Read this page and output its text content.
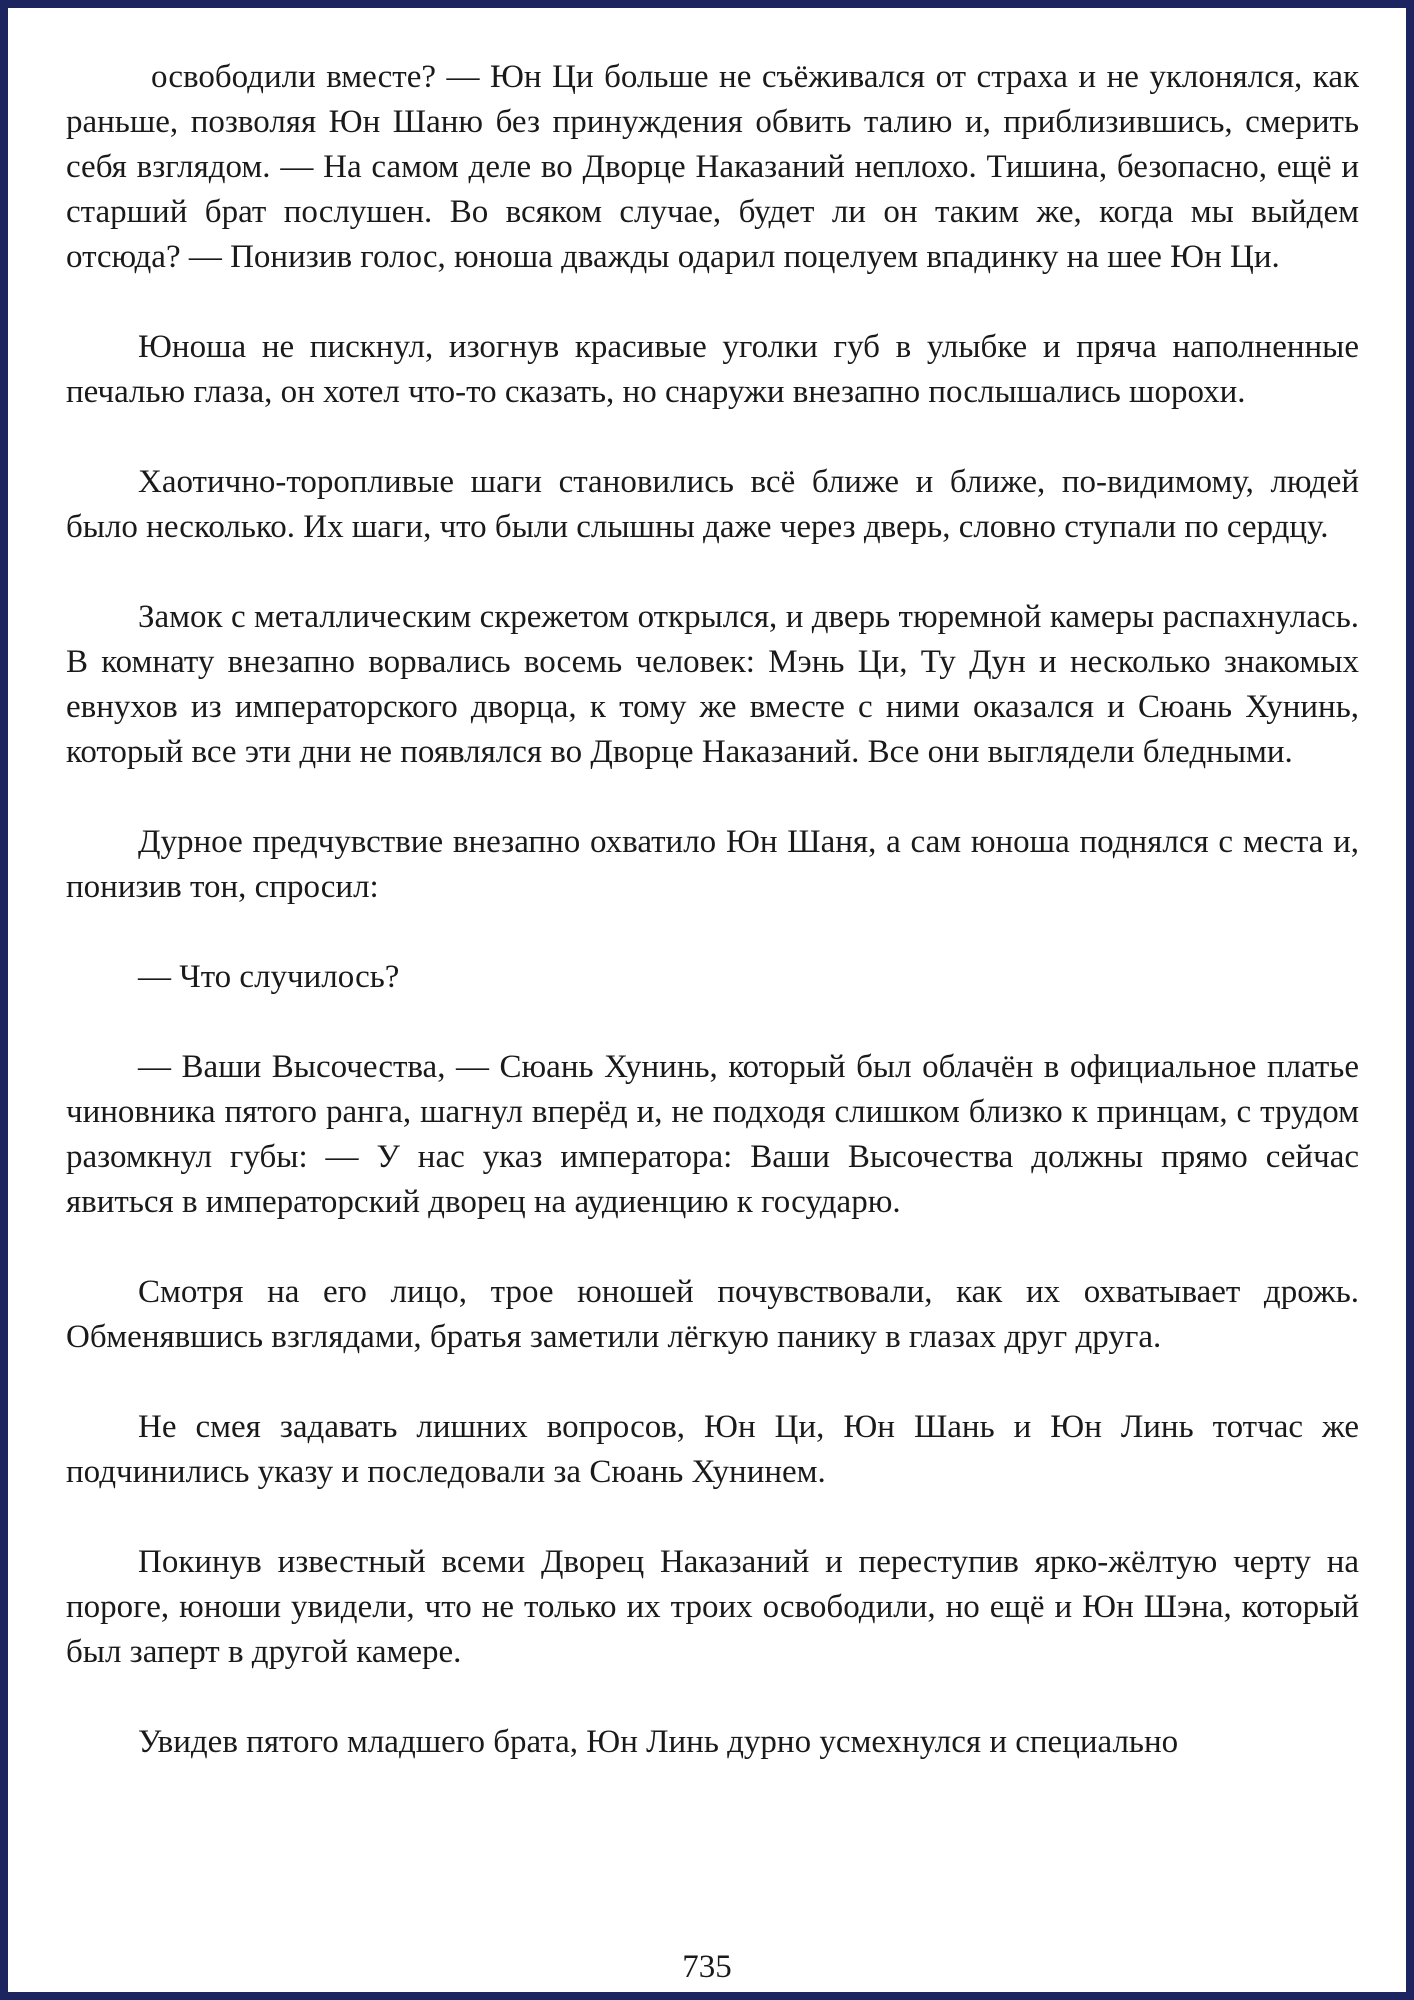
освободили вместе? — Юн Ци больше не съёживался от страха и не уклонялся, как раньше, позволяя Юн Шаню без принуждения обвить талию и, приблизившись, смерить себя взглядом. — На самом деле во Дворце Наказаний неплохо. Тишина, безопасно, ещё и старший брат послушен. Во всяком случае, будет ли он таким же, когда мы выйдем отсюда? — Понизив голос, юноша дважды одарил поцелуем впадинку на шее Юн Ци.

Юноша не пискнул, изогнув красивые уголки губ в улыбке и пряча наполненные печалью глаза, он хотел что-то сказать, но снаружи внезапно послышались шорохи.

Хаотично-торопливые шаги становились всё ближе и ближе, по-видимому, людей было несколько. Их шаги, что были слышны даже через дверь, словно ступали по сердцу.

Замок с металлическим скрежетом открылся, и дверь тюремной камеры распахнулась. В комнату внезапно ворвались восемь человек: Мэнь Ци, Ту Дун и несколько знакомых евнухов из императорского дворца, к тому же вместе с ними оказался и Сюань Хунинь, который все эти дни не появлялся во Дворце Наказаний. Все они выглядели бледными.

Дурное предчувствие внезапно охватило Юн Шаня, а сам юноша поднялся с места и, понизив тон, спросил:

— Что случилось?

— Ваши Высочества, — Сюань Хунинь, который был облачён в официальное платье чиновника пятого ранга, шагнул вперёд и, не подходя слишком близко к принцам, с трудом разомкнул губы: — У нас указ императора: Ваши Высочества должны прямо сейчас явиться в императорский дворец на аудиенцию к государю.

Смотря на его лицо, трое юношей почувствовали, как их охватывает дрожь. Обменявшись взглядами, братья заметили лёгкую панику в глазах друг друга.

Не смея задавать лишних вопросов, Юн Ци, Юн Шань и Юн Линь тотчас же подчинились указу и последовали за Сюань Хунинем.

Покинув известный всеми Дворец Наказаний и переступив ярко-жёлтую черту на пороге, юноши увидели, что не только их троих освободили, но ещё и Юн Шэна, который был заперт в другой камере.

Увидев пятого младшего брата, Юн Линь дурно усмехнулся и специально

735
